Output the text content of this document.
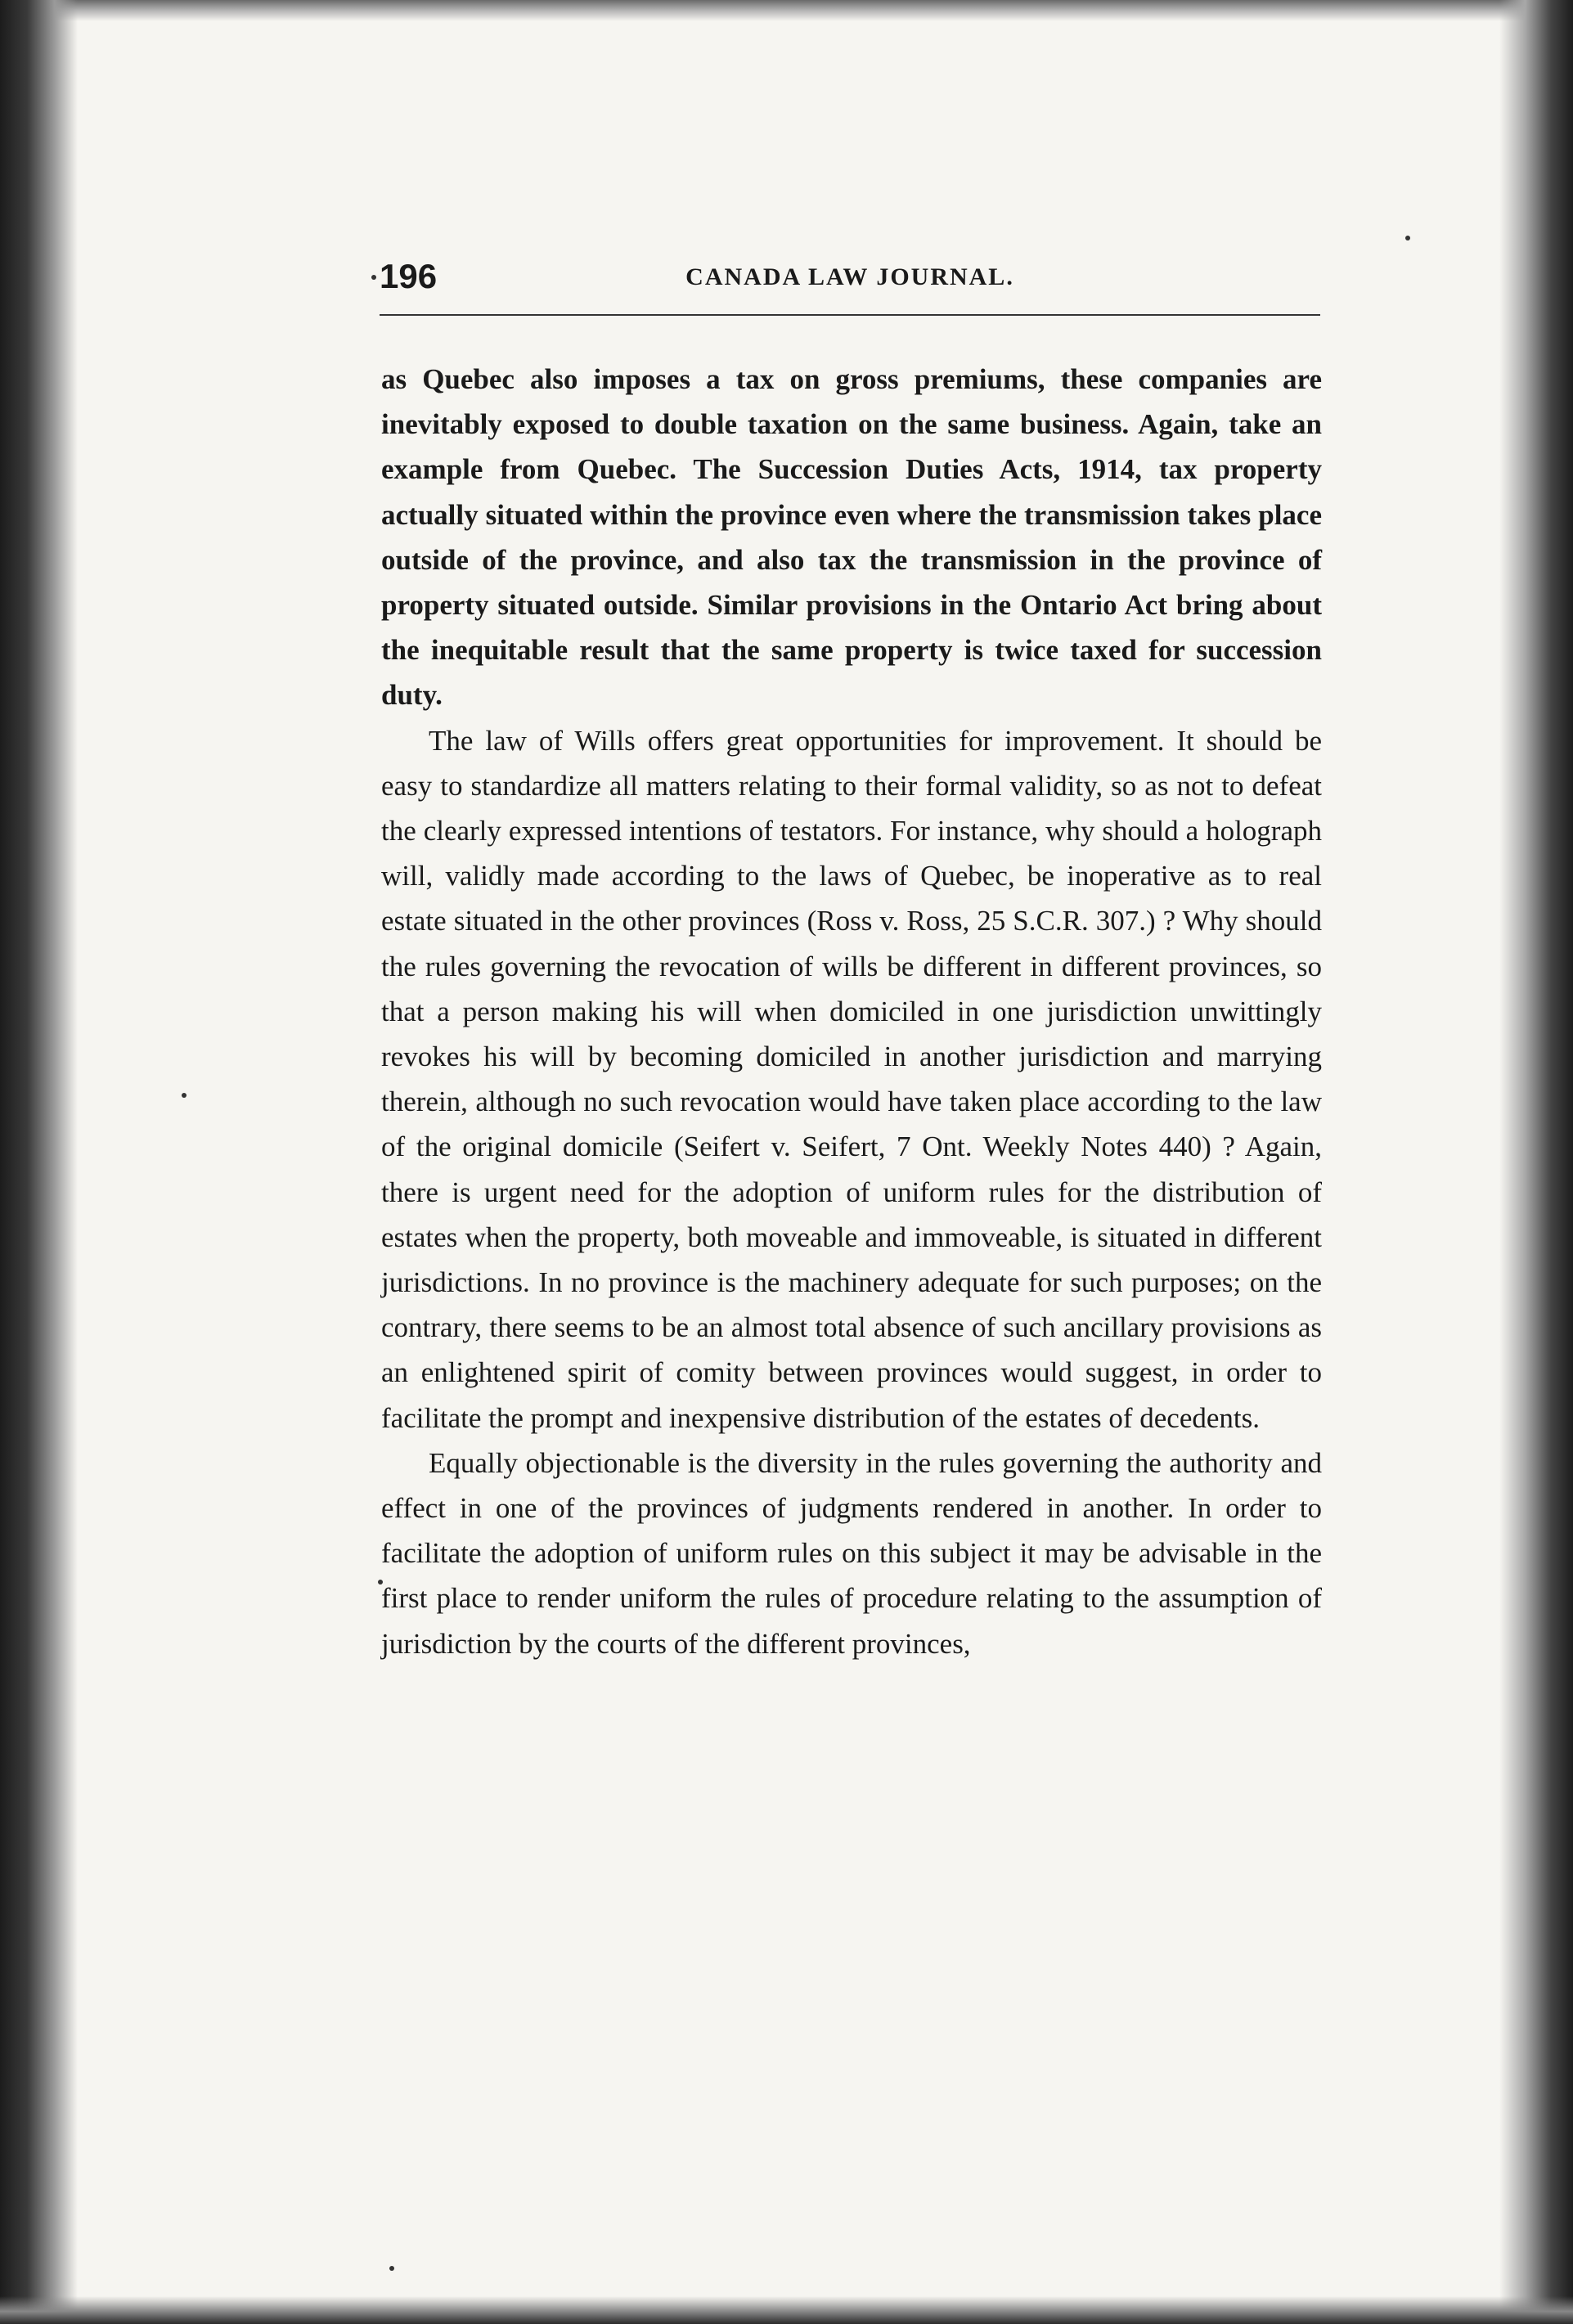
196	CANADA LAW JOURNAL.

as Quebec also imposes a tax on gross premiums, these companies are inevitably exposed to double taxation on the same business. Again, take an example from Quebec. The Succession Duties Acts, 1914, tax property actually situated within the province even where the transmission takes place outside of the province, and also tax the transmission in the province of property situated outside. Similar provisions in the Ontario Act bring about the inequitable result that the same property is twice taxed for succession duty.

The law of Wills offers great opportunities for improvement. It should be easy to standardize all matters relating to their formal validity, so as not to defeat the clearly expressed intentions of testators. For instance, why should a holograph will, validly made according to the laws of Quebec, be inoperative as to real estate situated in the other provinces (Ross v. Ross, 25 S.C.R. 307.) ? Why should the rules governing the revocation of wills be different in different provinces, so that a person making his will when domiciled in one jurisdiction unwittingly revokes his will by becoming domiciled in another jurisdiction and marrying therein, although no such revocation would have taken place according to the law of the original domicile (Seifert v. Seifert, 7 Ont. Weekly Notes 440) ? Again, there is urgent need for the adoption of uniform rules for the distribution of estates when the property, both moveable and immoveable, is situated in different jurisdictions. In no province is the machinery adequate for such purposes; on the contrary, there seems to be an almost total absence of such ancillary provisions as an enlightened spirit of comity between provinces would suggest, in order to facilitate the prompt and inexpensive distribution of the estates of decedents.

Equally objectionable is the diversity in the rules governing the authority and effect in one of the provinces of judgments rendered in another. In order to facilitate the adoption of uniform rules on this subject it may be advisable in the first place to render uniform the rules of procedure relating to the assumption of jurisdiction by the courts of the different provinces,
